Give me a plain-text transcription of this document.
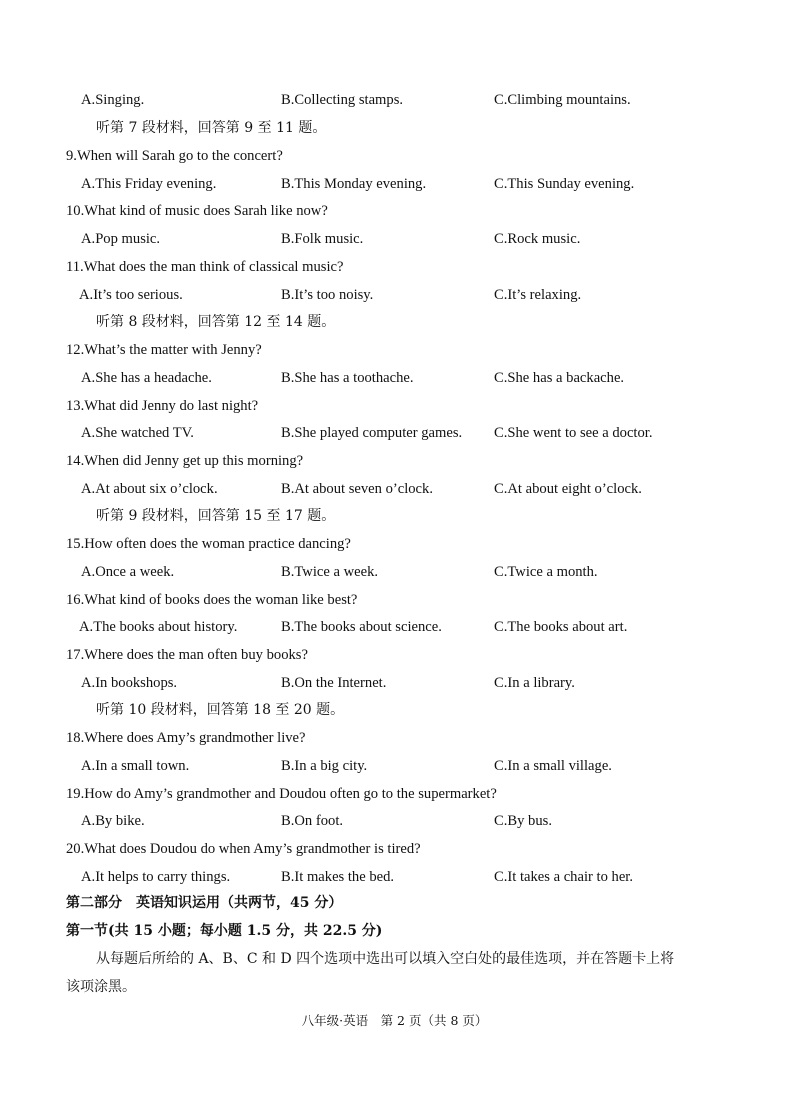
A.Singing.	B.Collecting stamps.	C.Climbing mountains.
听第 7 段材料，回答第 9 至 11 题。
9.When will Sarah go to the concert?
A.This Friday evening.	B.This Monday evening.	C.This Sunday evening.
10.What kind of music does Sarah like now?
A.Pop music.	B.Folk music.	C.Rock music.
11.What does the man think of classical music?
A.It’s too serious.	B.It’s too noisy.	C.It’s relaxing.
听第 8 段材料，回答第 12 至 14 题。
12.What’s the matter with Jenny?
A.She has a headache.	B.She has a toothache.	C.She has a backache.
13.What did Jenny do last night?
A.She watched TV.	B.She played computer games. C.She went to see a doctor.
14.When did Jenny get up this morning?
A.At about six o’clock.	B.At about seven o’clock.	C.At about eight o’clock.
听第 9 段材料，回答第 15 至 17 题。
15.How often does the woman practice dancing?
A.Once a week.	B.Twice a week.	C.Twice a month.
16.What kind of books does the woman like best?
A.The books about history.	B.The books about science.	C.The books about art.
17.Where does the man often buy books?
A.In bookshops.	B.On the Internet.	C.In a library.
听第 10 段材料，回答第 18 至 20 题。
18.Where does Amy’s grandmother live?
A.In a small town.	B.In a big city.	C.In a small village.
19.How do Amy’s grandmother and Doudou often go to the supermarket?
A.By bike.	B.On foot.	C.By bus.
20.What does Doudou do when Amy’s grandmother is tired?
A.It helps to carry things.	B.It makes the bed.	C.It takes a chair to her.
第二部分　英语知识运用（共两节，45 分）
第一节(共 15 小题；每小题 1.5 分，共 22.5 分)
从每题后所给的 A、B、C 和 D 四个选项中选出可以填入空白处的最佳选项，并在答题卡上将
该项涂黑。
八年级·英语　第 2 页（共 8 页）
